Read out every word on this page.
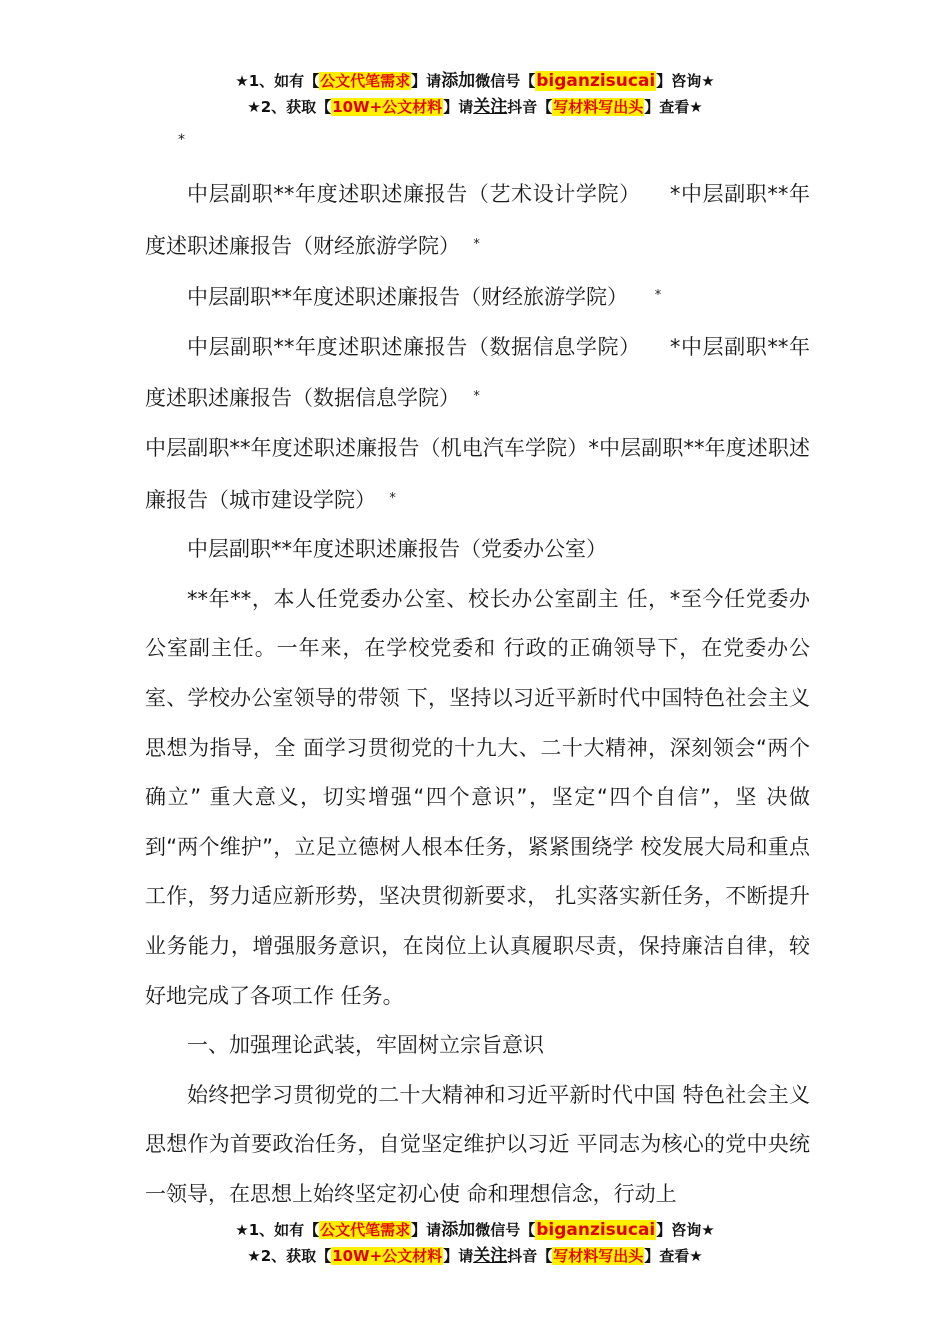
★1、如有【公文代笔需求】请添加微信号【biganzisucai】咨询★
★2、获取【10W+公文材料】请关注抖音【写材料写出头】查看★
*

中层副职**年度述职述廉报告（艺术设计学院） *中层副职**年度述职述廉报告（财经旅游学院） *

中层副职**年度述职述廉报告（财经旅游学院） *

中层副职**年度述职述廉报告（数据信息学院） *中层副职**年度述职述廉报告（数据信息学院） *

中层副职**年度述职述廉报告（机电汽车学院）*中层副职**年度述职述廉报告（城市建设学院） *

中层副职**年度述职述廉报告（党委办公室）

**年**，本人任党委办公室、校长办公室副主 任，*至今任党委办公室副主任。一年来，在学校党委和 行政的正确领导下，在党委办公室、学校办公室领导的带领 下，坚持以习近平新时代中国特色社会主义思想为指导，全 面学习贯彻党的十九大、二十大精神，深刻领会“两个确立” 重大意义，切实增强“四个意识”，坚定“四个自信”，坚 决做到“两个维护”，立足立德树人根本任务，紧紧围绕学 校发展大局和重点工作，努力适应新形势，坚决贯彻新要求， 扎实落实新任务，不断提升业务能力，增强服务意识，在岗位上认真履职尽责，保持廉洁自律，较好地完成了各项工作 任务。

一、加强理论武装，牢固树立宗旨意识

始终把学习贯彻党的二十大精神和习近平新时代中国 特色社会主义思想作为首要政治任务，自觉坚定维护以习近 平同志为核心的党中央统一领导，在思想上始终坚定初心使 命和理想信念，行动上

★1、如有【公文代笔需求】请添加微信号【biganzisucai】咨询★
★2、获取【10W+公文材料】请关注抖音【写材料写出头】查看★
